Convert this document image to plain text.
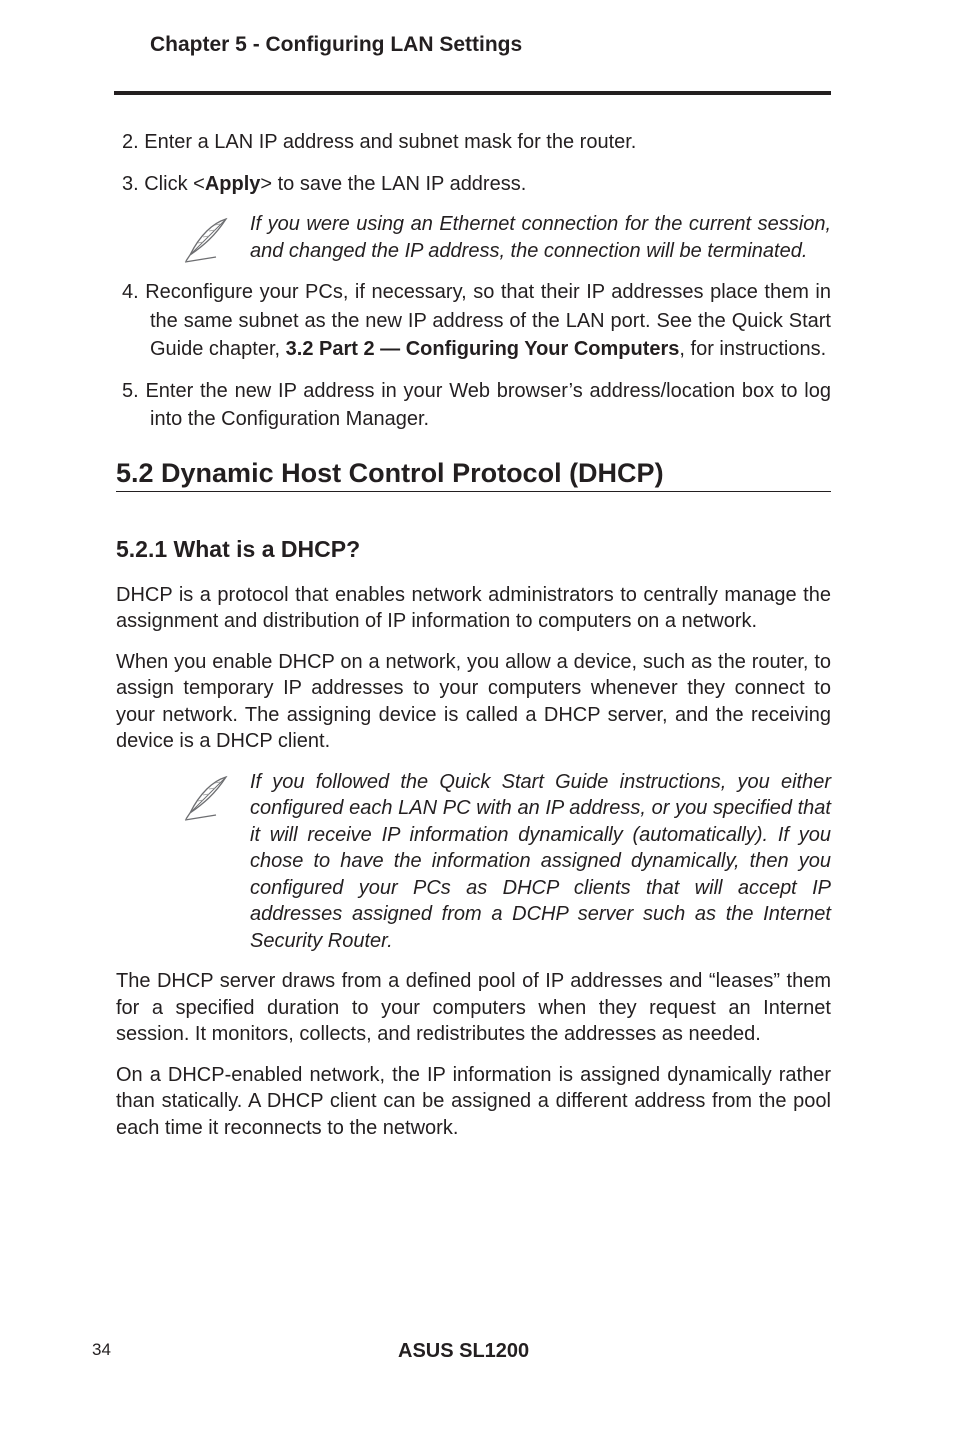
Chapter 5 - Configuring LAN Settings

2. Enter a LAN IP address and subnet mask for the router.

3. Click <Apply> to save the LAN IP address.

If you were using an Ethernet connection for the current session, and changed the IP address, the connection will be terminated.

4. Reconfigure your PCs, if necessary, so that their IP addresses place them in the same subnet as the new IP address of the LAN port. See the Quick Start Guide chapter, 3.2 Part 2 — Configuring Your Computers, for instructions.

5. Enter the new IP address in your Web browser’s address/location box to log into the Configuration Manager.

5.2 Dynamic Host Control Protocol (DHCP)
5.2.1 What is a DHCP?

DHCP is a protocol that enables network administrators to centrally manage the assignment and distribution of IP information to computers on a network.

When you enable DHCP on a network, you allow a device, such as the router, to assign temporary IP addresses to your computers whenever they connect to your network. The assigning device is called a DHCP server, and the receiving device is a DHCP client.

If you followed the Quick Start Guide instructions, you either configured each LAN PC with an IP address, or you specified that it will receive IP information dynamically (automatically). If you chose to have the information assigned dynamically, then you configured your PCs as DHCP clients that will accept IP addresses assigned from a DCHP server such as the Internet Security Router.

The DHCP server draws from a defined pool of IP addresses and “leases” them for a specified duration to your computers when they request an Internet session. It monitors, collects, and redistributes the addresses as needed.

On a DHCP-enabled network, the IP information is assigned dynamically rather than statically. A DHCP client can be assigned a different address from the pool each time it reconnects to the network.

34	ASUS SL1200
